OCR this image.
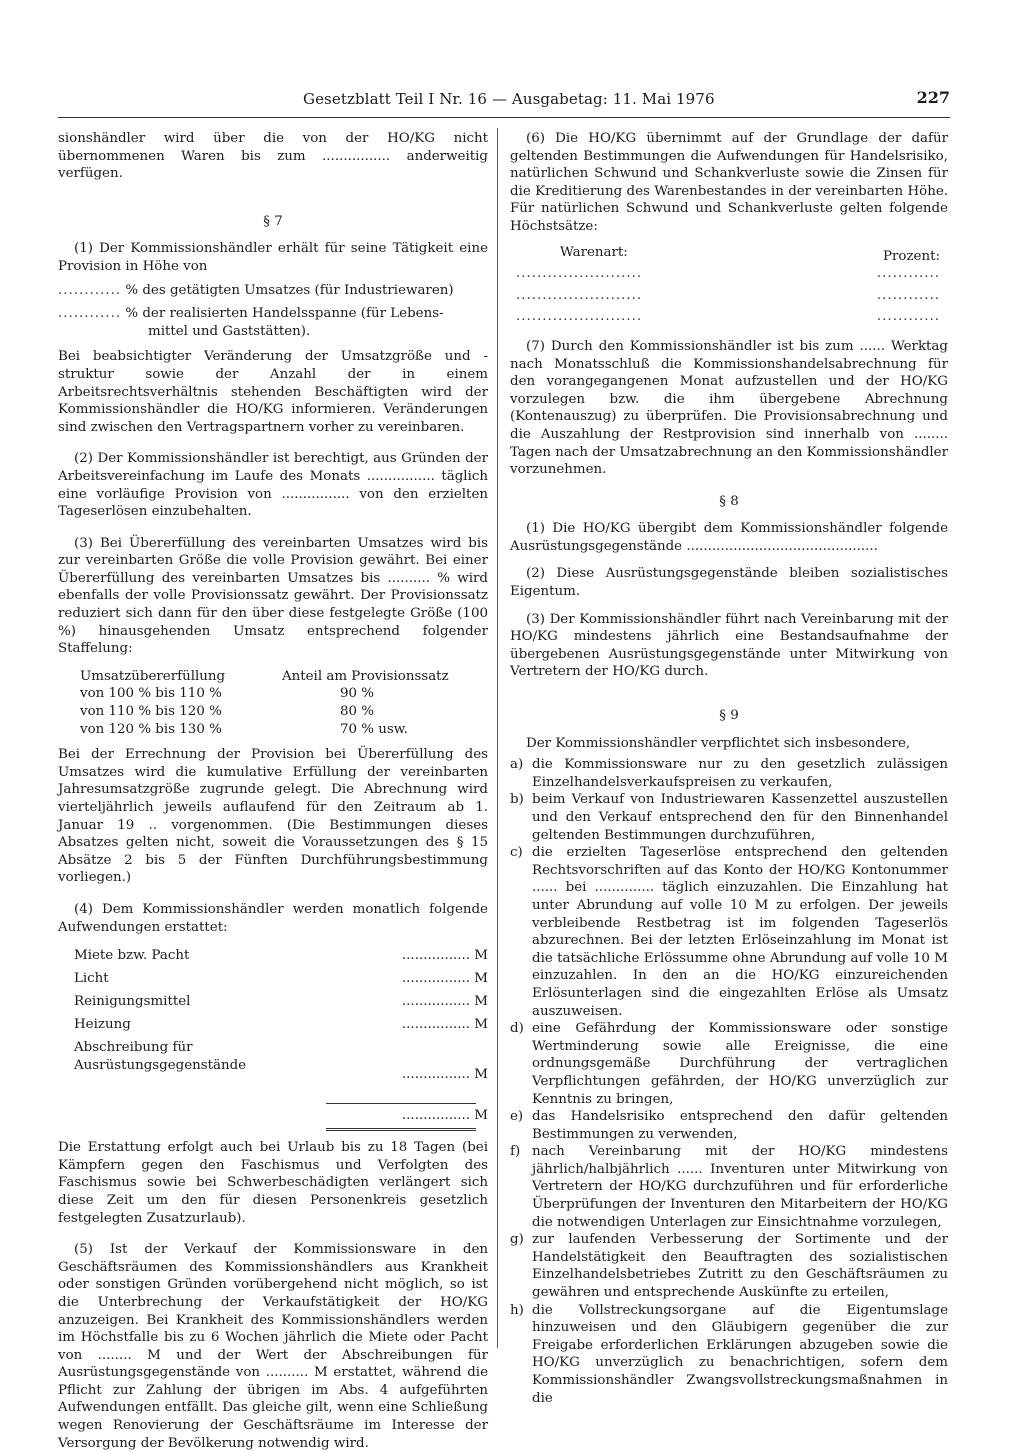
Gesetzblatt Teil I Nr. 16 — Ausgabetag: 11. Mai 1976	227

sionshändler wird über die von der HO/KG nicht übernommenen Waren bis zum ................ anderweitig verfügen.

§ 7

(1) Der Kommissionshändler erhält für seine Tätigkeit eine Provision in Höhe von

............ % des getätigten Umsatzes (für Industriewaren)
............ % der realisierten Handelsspanne (für Lebens-
mittel und Gaststätten).

Bei beabsichtigter Veränderung der Umsatzgröße und -struktur sowie der Anzahl der in einem Arbeitsrechtsverhältnis stehenden Beschäftigten wird der Kommissionshändler die HO/KG informieren. Veränderungen sind zwischen den Vertragspartnern vorher zu vereinbaren.

(2) Der Kommissionshändler ist berechtigt, aus Gründen der Arbeitsvereinfachung im Laufe des Monats ................ täglich eine vorläufige Provision von ................ von den erzielten Tageserlösen einzubehalten.

(3) Bei Übererfüllung des vereinbarten Umsatzes wird bis zur vereinbarten Größe die volle Provision gewährt. Bei einer Übererfüllung des vereinbarten Umsatzes bis .......... % wird ebenfalls der volle Provisionssatz gewährt. Der Provisionssatz reduziert sich dann für den über diese festgelegte Größe (100 %) hinausgehenden Umsatz entsprechend folgender Staffelung:

Umsatzübererfüllung	Anteil am Provisionssatz
von 100 % bis 110 %	90 %
von 110 % bis 120 %	80 %
von 120 % bis 130 %	70 % usw.

Bei der Errechnung der Provision bei Übererfüllung des Umsatzes wird die kumulative Erfüllung der vereinbarten Jahresumsatzgröße zugrunde gelegt. Die Abrechnung wird vierteljährlich jeweils auflaufend für den Zeitraum ab 1. Januar 19 .. vorgenommen. (Die Bestimmungen dieses Absatzes gelten nicht, soweit die Voraussetzungen des § 15 Absätze 2 bis 5 der Fünften Durchführungsbestimmung vorliegen.)

(4) Dem Kommissionshändler werden monatlich folgende Aufwendungen erstattet:

Miete bzw. Pacht	................ M
Licht	................ M
Reinigungsmittel	................ M
Heizung	................ M
Abschreibung für
Ausrüstungsgegenstände
................ M
................ M

Die Erstattung erfolgt auch bei Urlaub bis zu 18 Tagen (bei Kämpfern gegen den Faschismus und Verfolgten des Faschismus sowie bei Schwerbeschädigten verlängert sich diese Zeit um den für diesen Personenkreis gesetzlich festgelegten Zusatzurlaub).

(5) Ist der Verkauf der Kommissionsware in den Geschäftsräumen des Kommissionshändlers aus Krankheit oder sonstigen Gründen vorübergehend nicht möglich, so ist die Unterbrechung der Verkaufstätigkeit der HO/KG anzuzeigen. Bei Krankheit des Kommissionshändlers werden im Höchstfalle bis zu 6 Wochen jährlich die Miete oder Pacht von ........ M und der Wert der Abschreibungen für Ausrüstungsgegenstände von .......... M erstattet, während die Pflicht zur Zahlung der übrigen im Abs. 4 aufgeführten Aufwendungen entfällt. Das gleiche gilt, wenn eine Schließung wegen Renovierung der Geschäftsräume im Interesse der Versorgung der Bevölkerung notwendig wird.

(6) Die HO/KG übernimmt auf der Grundlage der dafür geltenden Bestimmungen die Aufwendungen für Handelsrisiko, natürlichen Schwund und Schankverluste sowie die Zinsen für die Kreditierung des Warenbestandes in der vereinbarten Höhe. Für natürlichen Schwund und Schankverluste gelten folgende Höchstsätze:

Warenart:	Prozent:
........................	............
........................	............
........................	............

(7) Durch den Kommissionshändler ist bis zum ...... Werktag nach Monatsschluß die Kommissionshandelsabrechnung für den vorangegangenen Monat aufzustellen und der HO/KG vorzulegen bzw. die ihm übergebene Abrechnung (Kontenauszug) zu überprüfen. Die Provisionsabrechnung und die Auszahlung der Restprovision sind innerhalb von ........ Tagen nach der Umsatzabrechnung an den Kommissionshändler vorzunehmen.

§ 8

(1) Die HO/KG übergibt dem Kommissionshändler folgende Ausrüstungsgegenstände .............................................

(2) Diese Ausrüstungsgegenstände bleiben sozialistisches Eigentum.

(3) Der Kommissionshändler führt nach Vereinbarung mit der HO/KG mindestens jährlich eine Bestandsaufnahme der übergebenen Ausrüstungsgegenstände unter Mitwirkung von Vertretern der HO/KG durch.

§ 9

Der Kommissionshändler verpflichtet sich insbesondere,

a) die Kommissionsware nur zu den gesetzlich zulässigen Einzelhandelsverkaufspreisen zu verkaufen,
b) beim Verkauf von Industriewaren Kassenzettel auszustellen und den Verkauf entsprechend den für den Binnenhandel geltenden Bestimmungen durchzuführen,
c) die erzielten Tageserlöse entsprechend den geltenden Rechtsvorschriften auf das Konto der HO/KG Kontonummer ...... bei .............. täglich einzuzahlen. Die Einzahlung hat unter Abrundung auf volle 10 M zu erfolgen. Der jeweils verbleibende Restbetrag ist im folgenden Tageserlös abzurechnen. Bei der letzten Erlöseinzahlung im Monat ist die tatsächliche Erlössumme ohne Abrundung auf volle 10 M einzuzahlen. In den an die HO/KG einzureichenden Erlösunterlagen sind die eingezahlten Erlöse als Umsatz auszuweisen.
d) eine Gefährdung der Kommissionsware oder sonstige Wertminderung sowie alle Ereignisse, die eine ordnungsgemäße Durchführung der vertraglichen Verpflichtungen gefährden, der HO/KG unverzüglich zur Kenntnis zu bringen,
e) das Handelsrisiko entsprechend den dafür geltenden Bestimmungen zu verwenden,
f) nach Vereinbarung mit der HO/KG mindestens jährlich/halbjährlich ...... Inventuren unter Mitwirkung von Vertretern der HO/KG durchzuführen und für erforderliche Überprüfungen der Inventuren den Mitarbeitern der HO/KG die notwendigen Unterlagen zur Einsichtnahme vorzulegen,
g) zur laufenden Verbesserung der Sortimente und der Handelstätigkeit den Beauftragten des sozialistischen Einzelhandelsbetriebes Zutritt zu den Geschäftsräumen zu gewähren und entsprechende Auskünfte zu erteilen,
h) die Vollstreckungsorgane auf die Eigentumslage hinzuweisen und den Gläubigern gegenüber die zur Freigabe erforderlichen Erklärungen abzugeben sowie die HO/KG unverzüglich zu benachrichtigen, sofern dem Kommissionshändler Zwangsvollstreckungsmaßnahmen in die
